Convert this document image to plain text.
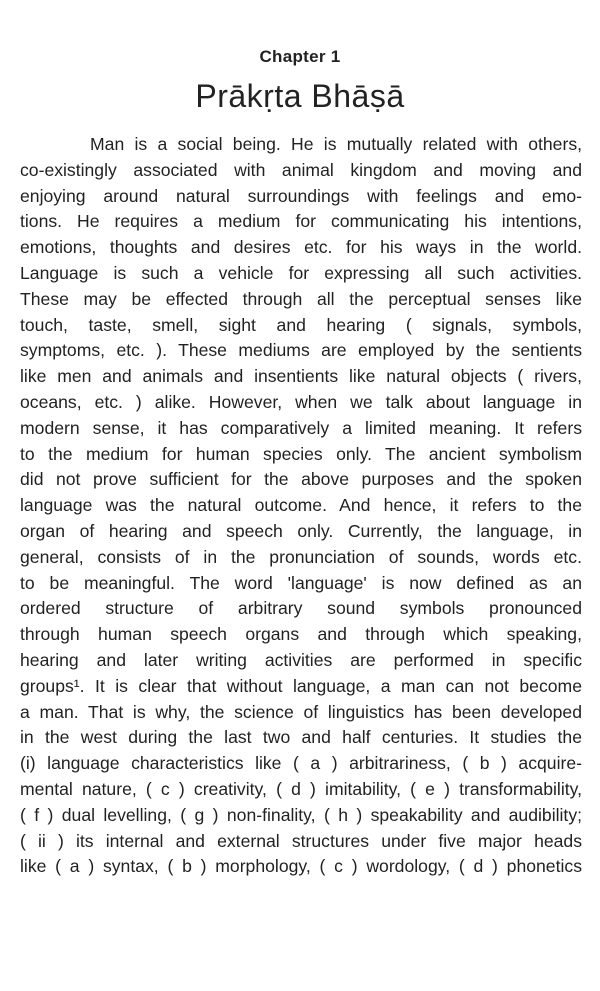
Chapter 1
Prākṛta Bhāṣā
Man is a social being. He is mutually related with others,
co-existingly associated with animal kingdom and moving and
enjoying around natural surroundings with feelings and emo-
tions. He requires a medium for communicating his intentions,
emotions, thoughts and desires etc. for his ways in the world.
Language is such a vehicle for expressing all such activities.
These may be effected through all the perceptual senses like
touch, taste, smell, sight and hearing ( signals, symbols,
symptoms, etc. ). These mediums are employed by the sentients
like men and animals and insentients like natural objects ( rivers,
oceans, etc. ) alike. However, when we talk about language in
modern sense, it has comparatively a limited meaning. It refers
to the medium for human species only. The ancient symbolism
did not prove sufficient for the above purposes and the spoken
language was the natural outcome. And hence, it refers to the
organ of hearing and speech only. Currently, the language, in
general, consists of in the pronunciation of sounds, words etc.
to be meaningful. The word 'language' is now defined as an
ordered structure of arbitrary sound symbols pronounced
through human speech organs and through which speaking,
hearing and later writing activities are performed in specific
groups¹. It is clear that without language, a man can not become
a man. That is why, the science of linguistics has been developed
in the west during the last two and half centuries. It studies the
(i) language characteristics like ( a ) arbitrariness, ( b ) acquire-
mental nature, ( c ) creativity, ( d ) imitability, ( e ) transformability,
( f ) dual levelling, ( g ) non-finality, ( h ) speakability and audibility;
( ii ) its internal and external structures under five major heads
like ( a ) syntax, ( b ) morphology, ( c ) wordology, ( d ) phonetics
